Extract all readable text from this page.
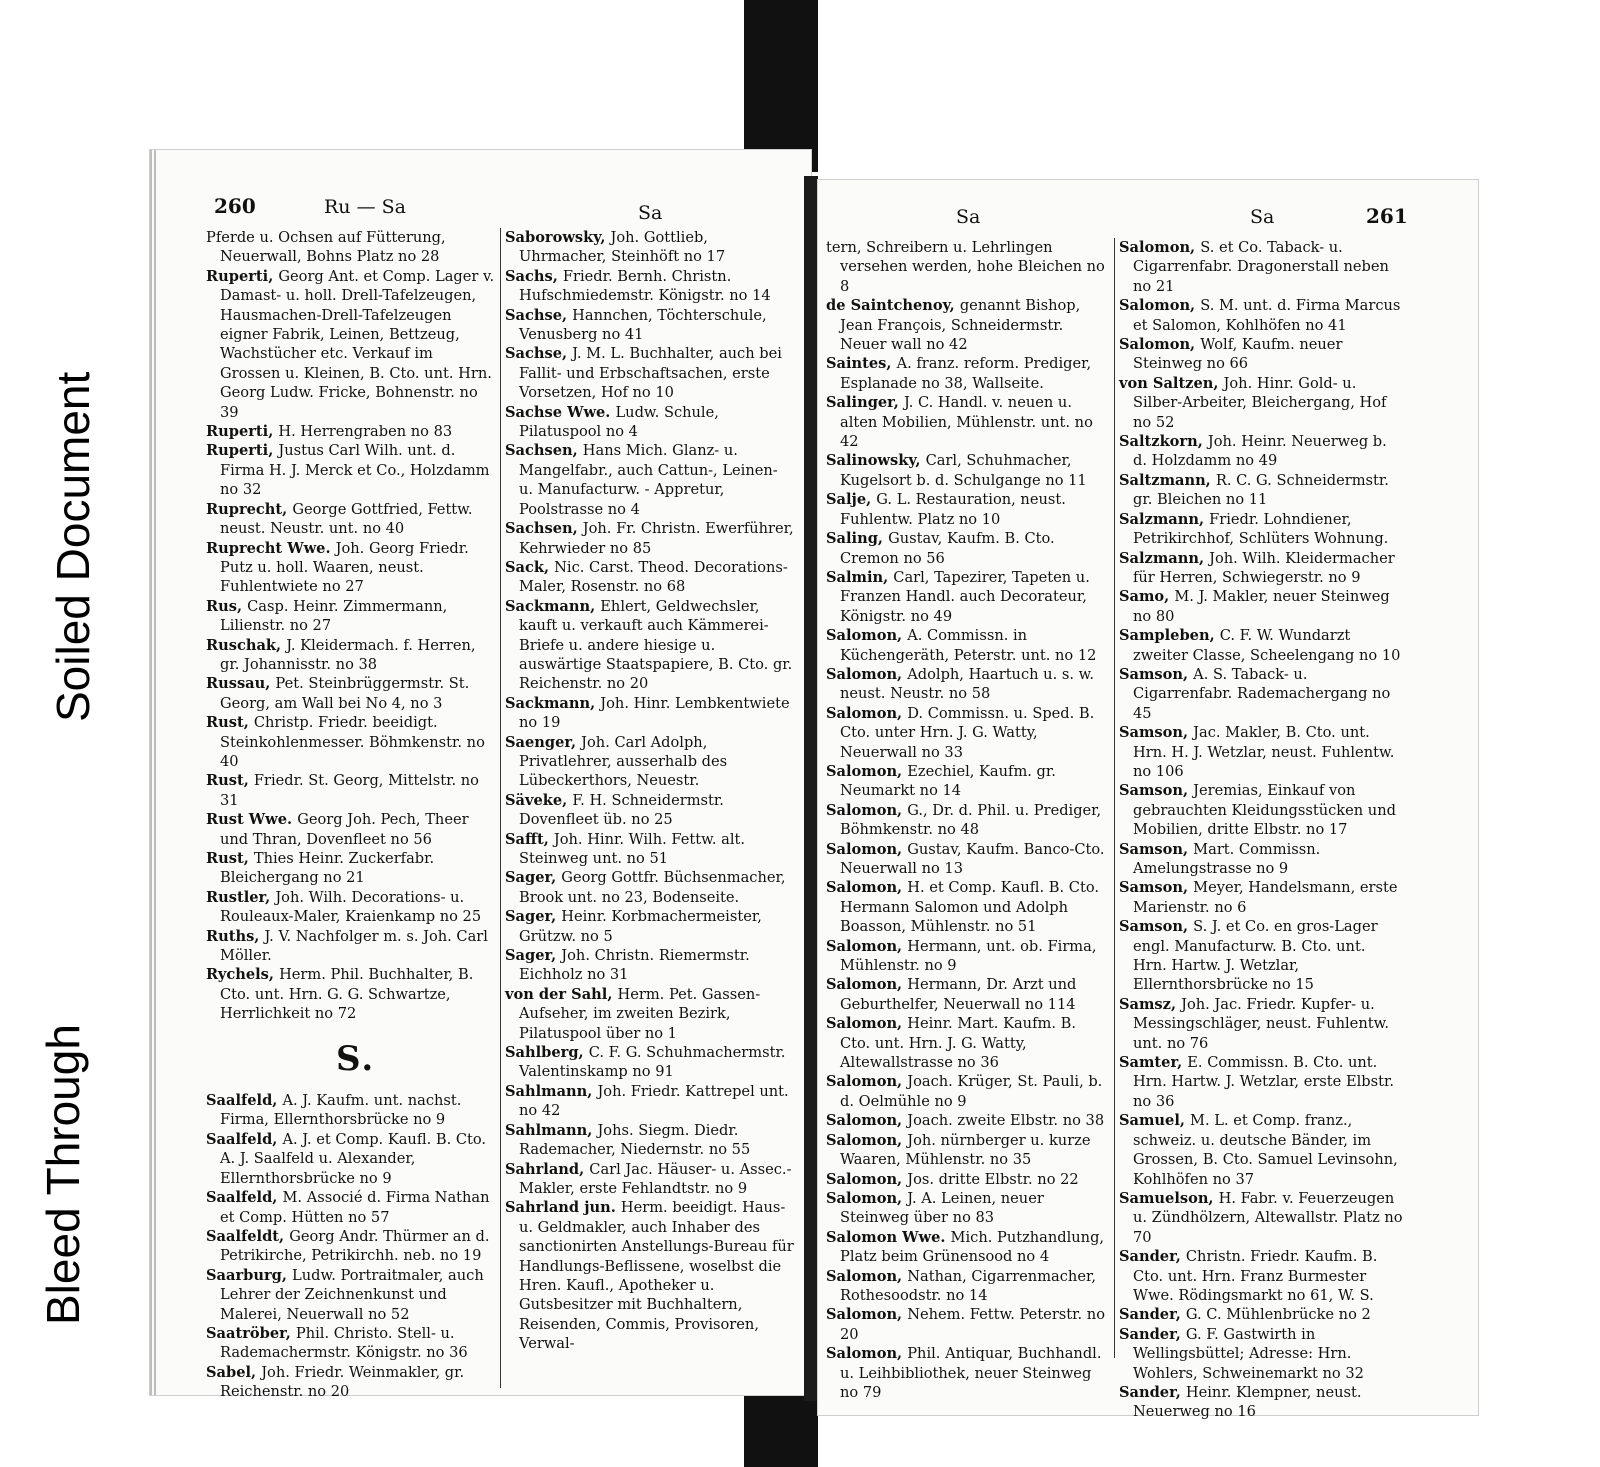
Soiled Document
Bleed Through
260	Ru — Sa	Sa
Pferde u. Ochsen auf Fütterung, Neuerwall, Bohns Platz no 28
Ruperti, Georg Ant. et Comp. Lager v. Damast- u. holl. Drell-Tafelzeugen, Hausmachen-Drell-Tafelzeugen eigner Fabrik, Leinen, Bettzeug, Wachstücher etc. Verkauf im Grossen u. Kleinen, B. Cto. unt. Hrn. Georg Ludw. Fricke, Bohnenstr. no 39
Ruperti, H. Herrengraben no 83
Ruperti, Justus Carl Wilh. unt. d. Firma H. J. Merck et Co., Holzdamm no 32
Ruprecht, George Gottfried, Fettw. neust. Neustr. unt. no 40
Ruprecht Wwe. Joh. Georg Friedr. Putz u. holl. Waaren, neust. Fuhlentwiete no 27
Rus, Casp. Heinr. Zimmermann, Lilienstr. no 27
Ruschak, J. Kleidermach. f. Herren, gr. Johannisstr. no 38
Russau, Pet. Steinbrüggermstr. St. Georg, am Wall bei No 4, no 3
Rust, Christp. Friedr. beeidigt. Steinkohlenmesser. Böhmkenstr. no 40
Rust, Friedr. St. Georg, Mittelstr. no 31
Rust Wwe. Georg Joh. Pech, Theer und Thran, Dovenfleet no 56
Rust, Thies Heinr. Zuckerfabr. Bleichergang no 21
Rustler, Joh. Wilh. Decorations- u. Rouleaux-Maler, Kraienkamp no 25
Ruths, J. V. Nachfolger m. s. Joh. Carl Möller.
Rychels, Herm. Phil. Buchhalter, B. Cto. unt. Hrn. G. G. Schwartze, Herrlichkeit no 72
S.
Saalfeld, A. J. Kaufm. unt. nachst. Firma, Ellernthorsbrücke no 9
Saalfeld, A. J. et Comp. Kaufl. B. Cto. A. J. Saalfeld u. Alexander, Ellernthorsbrücke no 9
Saalfeld, M. Associé d. Firma Nathan et Comp. Hütten no 57
Saalfeldt, Georg Andr. Thürmer an d. Petrikirche, Petrikirchh. neb. no 19
Saarburg, Ludw. Portraitmaler, auch Lehrer der Zeichnenkunst und Malerei, Neuerwall no 52
Saatröber, Phil. Christo. Stell- u. Rademachermstr. Königstr. no 36
Sabel, Joh. Friedr. Weinmakler, gr. Reichenstr. no 20
Saborowsky, Joh. Gottlieb, Uhrmacher, Steinhöft no 17
Sachs, Friedr. Bernh. Christn. Hufschmiedemstr. Königstr. no 14
Sachse, Hannchen, Töchterschule, Venusberg no 41
Sachse, J. M. L. Buchhalter, auch bei Fallit- und Erbschaftsachen, erste Vorsetzen, Hof no 10
Sachse Wwe. Ludw. Schule, Pilatuspool no 4
Sachsen, Hans Mich. Glanz- u. Mangelfabr., auch Cattun-, Leinen- u. Manufacturw. - Appretur, Poolstrasse no 4
Sachsen, Joh. Fr. Christn. Ewerführer, Kehrwieder no 85
Sack, Nic. Carst. Theod. Decorations-Maler, Rosenstr. no 68
Sackmann, Ehlert, Geldwechsler, kauft u. verkauft auch Kämmerei-Briefe u. andere hiesige u. auswärtige Staatspapiere, B. Cto. gr. Reichenstr. no 20
Sackmann, Joh. Hinr. Lembkentwiete no 19
Saenger, Joh. Carl Adolph, Privatlehrer, ausserhalb des Lübeckerthors, Neuestr.
Säveke, F. H. Schneidermstr. Dovenfleet üb. no 25
Safft, Joh. Hinr. Wilh. Fettw. alt. Steinweg unt. no 51
Sager, Georg Gottfr. Büchsenmacher, Brook unt. no 23, Bodenseite.
Sager, Heinr. Korbmachermeister, Grützw. no 5
Sager, Joh. Christn. Riemermstr. Eichholz no 31
von der Sahl, Herm. Pet. Gassen-Aufseher, im zweiten Bezirk, Pilatuspool über no 1
Sahlberg, C. F. G. Schuhmachermstr. Valentinskamp no 91
Sahlmann, Joh. Friedr. Kattrepel unt. no 42
Sahlmann, Johs. Siegm. Diedr. Rademacher, Niedernstr. no 55
Sahrland, Carl Jac. Häuser- u. Assec.-Makler, erste Fehlandtstr. no 9
Sahrland jun. Herm. beeidigt. Haus- u. Geldmakler, auch Inhaber des sanctionirten Anstellungs-Bureau für Handlungs-Beflissene, woselbst die Hren. Kaufl., Apotheker u. Gutsbesitzer mit Buchhaltern, Reisenden, Commis, Provisoren, Verwal-
Sa	Sa	261
tern, Schreibern u. Lehrlingen versehen werden, hohe Bleichen no 8
de Saintchenoy, genannt Bishop, Jean François, Schneidermstr. Neuer wall no 42
Saintes, A. franz. reform. Prediger, Esplanade no 38, Wallseite.
Salinger, J. C. Handl. v. neuen u. alten Mobilien, Mühlenstr. unt. no 42
Salinowsky, Carl, Schuhmacher, Kugelsort b. d. Schulgange no 11
Salje, G. L. Restauration, neust. Fuhlentw. Platz no 10
Saling, Gustav, Kaufm. B. Cto. Cremon no 56
Salmin, Carl, Tapezirer, Tapeten u. Franzen Handl. auch Decorateur, Königstr. no 49
Salomon, A. Commissn. in Küchengeräth, Peterstr. unt. no 12
Salomon, Adolph, Haartuch u. s. w. neust. Neustr. no 58
Salomon, D. Commissn. u. Sped. B. Cto. unter Hrn. J. G. Watty, Neuerwall no 33
Salomon, Ezechiel, Kaufm. gr. Neumarkt no 14
Salomon, G., Dr. d. Phil. u. Prediger, Böhmkenstr. no 48
Salomon, Gustav, Kaufm. Banco-Cto. Neuerwall no 13
Salomon, H. et Comp. Kaufl. B. Cto. Hermann Salomon und Adolph Boasson, Mühlenstr. no 51
Salomon, Hermann, unt. ob. Firma, Mühlenstr. no 9
Salomon, Hermann, Dr. Arzt und Geburthelfer, Neuerwall no 114
Salomon, Heinr. Mart. Kaufm. B. Cto. unt. Hrn. J. G. Watty, Altewallstrasse no 36
Salomon, Joach. Krüger, St. Pauli, b. d. Oelmühle no 9
Salomon, Joach. zweite Elbstr. no 38
Salomon, Joh. nürnberger u. kurze Waaren, Mühlenstr. no 35
Salomon, Jos. dritte Elbstr. no 22
Salomon, J. A. Leinen, neuer Steinweg über no 83
Salomon Wwe. Mich. Putzhandlung, Platz beim Grünensood no 4
Salomon, Nathan, Cigarrenmacher, Rothesoodstr. no 14
Salomon, Nehem. Fettw. Peterstr. no 20
Salomon, Phil. Antiquar, Buchhandl. u. Leihbibliothek, neuer Steinweg no 79
Salomon, S. et Co. Taback- u. Cigarrenfabr. Dragonerstall neben no 21
Salomon, S. M. unt. d. Firma Marcus et Salomon, Kohlhöfen no 41
Salomon, Wolf, Kaufm. neuer Steinweg no 66
von Saltzen, Joh. Hinr. Gold- u. Silber-Arbeiter, Bleichergang, Hof no 52
Saltzkorn, Joh. Heinr. Neuerweg b. d. Holzdamm no 49
Saltzmann, R. C. G. Schneidermstr. gr. Bleichen no 11
Salzmann, Friedr. Lohndiener, Petrikirchhof, Schlüters Wohnung.
Salzmann, Joh. Wilh. Kleidermacher für Herren, Schwiegerstr. no 9
Samo, M. J. Makler, neuer Steinweg no 80
Sampleben, C. F. W. Wundarzt zweiter Classe, Scheelengang no 10
Samson, A. S. Taback- u. Cigarrenfabr. Rademachergang no 45
Samson, Jac. Makler, B. Cto. unt. Hrn. H. J. Wetzlar, neust. Fuhlentw. no 106
Samson, Jeremias, Einkauf von gebrauchten Kleidungsstücken und Mobilien, dritte Elbstr. no 17
Samson, Mart. Commissn. Amelungstrasse no 9
Samson, Meyer, Handelsmann, erste Marienstr. no 6
Samson, S. J. et Co. en gros-Lager engl. Manufacturw. B. Cto. unt. Hrn. Hartw. J. Wetzlar, Ellernthorsbrücke no 15
Samsz, Joh. Jac. Friedr. Kupfer- u. Messingschläger, neust. Fuhlentw. unt. no 76
Samter, E. Commissn. B. Cto. unt. Hrn. Hartw. J. Wetzlar, erste Elbstr. no 36
Samuel, M. L. et Comp. franz., schweiz. u. deutsche Bänder, im Grossen, B. Cto. Samuel Levinsohn, Kohlhöfen no 37
Samuelson, H. Fabr. v. Feuerzeugen u. Zündhölzern, Altewallstr. Platz no 70
Sander, Christn. Friedr. Kaufm. B. Cto. unt. Hrn. Franz Burmester Wwe. Rödingsmarkt no 61, W. S.
Sander, G. C. Mühlenbrücke no 2
Sander, G. F. Gastwirth in Wellingsbüttel; Adresse: Hrn. Wohlers, Schweinemarkt no 32
Sander, Heinr. Klempner, neust. Neuerweg no 16
